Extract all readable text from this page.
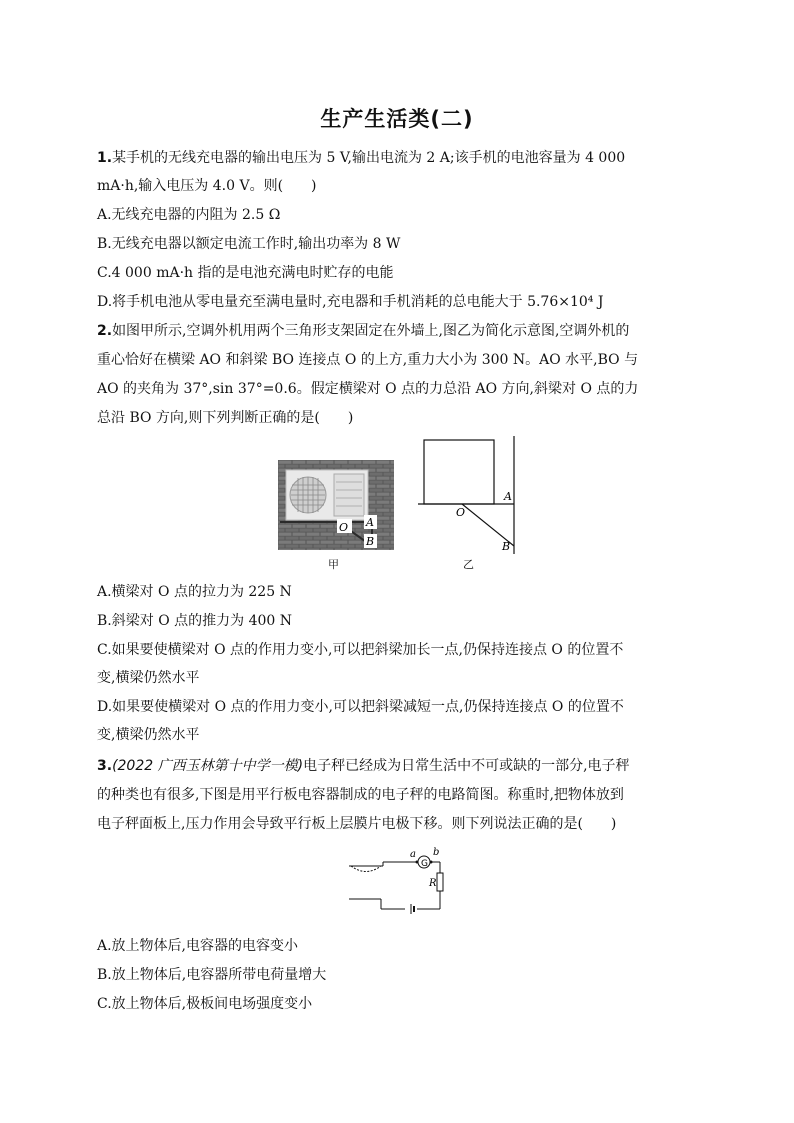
生产生活类(二)
1.某手机的无线充电器的输出电压为 5 V,输出电流为 2 A;该手机的电池容量为 4 000
mA·h,输入电压为 4.0 V。则(　　)
A.无线充电器的内阻为 2.5 Ω
B.无线充电器以额定电流工作时,输出功率为 8 W
C.4 000 mA·h 指的是电池充满电时贮存的电能
D.将手机电池从零电量充至满电量时,充电器和手机消耗的总电能大于 5.76×10⁴ J
2.如图甲所示,空调外机用两个三角形支架固定在外墙上,图乙为简化示意图,空调外机的
重心恰好在横梁 AO 和斜梁 BO 连接点 O 的上方,重力大小为 300 N。AO 水平,BO 与
AO 的夹角为 37°,sin 37°=0.6。假定横梁对 O 点的力总沿 AO 方向,斜梁对 O 点的力
总沿 BO 方向,则下列判断正确的是(　　)
O A
B
甲
O
A
B
乙
A.横梁对 O 点的拉力为 225 N
B.斜梁对 O 点的推力为 400 N
C.如果要使横梁对 O 点的作用力变小,可以把斜梁加长一点,仍保持连接点 O 的位置不
变,横梁仍然水平
D.如果要使横梁对 O 点的作用力变小,可以把斜梁减短一点,仍保持连接点 O 的位置不
变,横梁仍然水平
3.(2022 广西玉林第十中学一模)电子秤已经成为日常生活中不可或缺的一部分,电子秤
的种类也有很多,下图是用平行板电容器制成的电子秤的电路简图。称重时,把物体放到
电子秤面板上,压力作用会导致平行板上层膜片电极下移。则下列说法正确的是(　　)
G
a b
R
A.放上物体后,电容器的电容变小
B.放上物体后,电容器所带电荷量增大
C.放上物体后,极板间电场强度变小
